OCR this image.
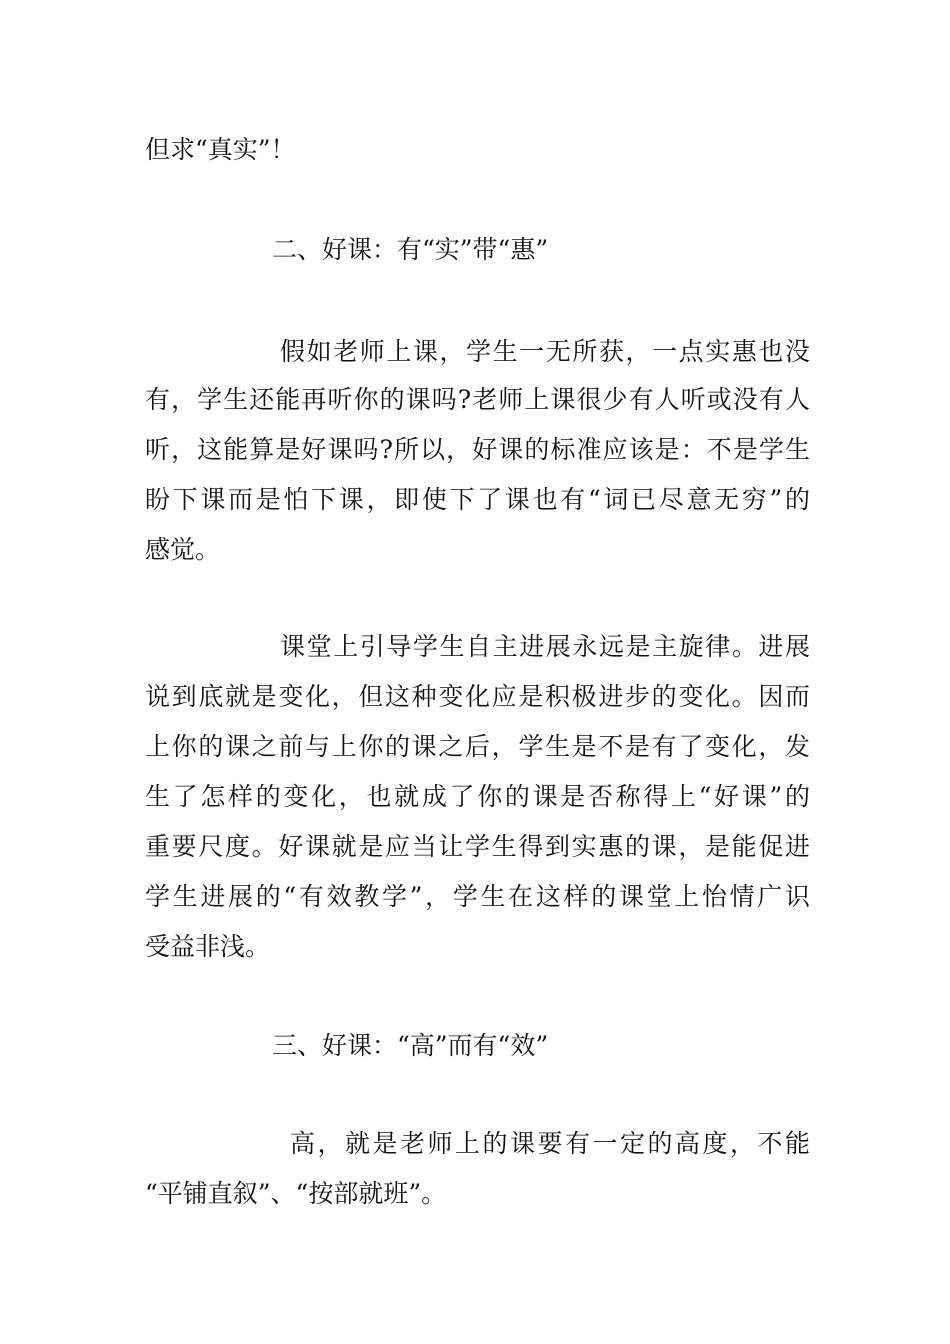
但求“真实”！
二、好课：有“实”带“惠”
假如老师上课，学生一无所获，一点实惠也没
有，学生还能再听你的课吗?老师上课很少有人听或没有人
听，这能算是好课吗?所以，好课的标准应该是：不是学生
盼下课而是怕下课，即使下了课也有“词已尽意无穷”的
感觉。
课堂上引导学生自主进展永远是主旋律。进展
说到底就是变化，但这种变化应是积极进步的变化。因而
上你的课之前与上你的课之后，学生是不是有了变化，发
生了怎样的变化，也就成了你的课是否称得上“好课”的
重要尺度。好课就是应当让学生得到实惠的课，是能促进
学生进展的“有效教学”，学生在这样的课堂上怡情广识
受益非浅。
三、好课：“高”而有“效”
高，就是老师上的课要有一定的高度，不能
“平铺直叙”、“按部就班”。
